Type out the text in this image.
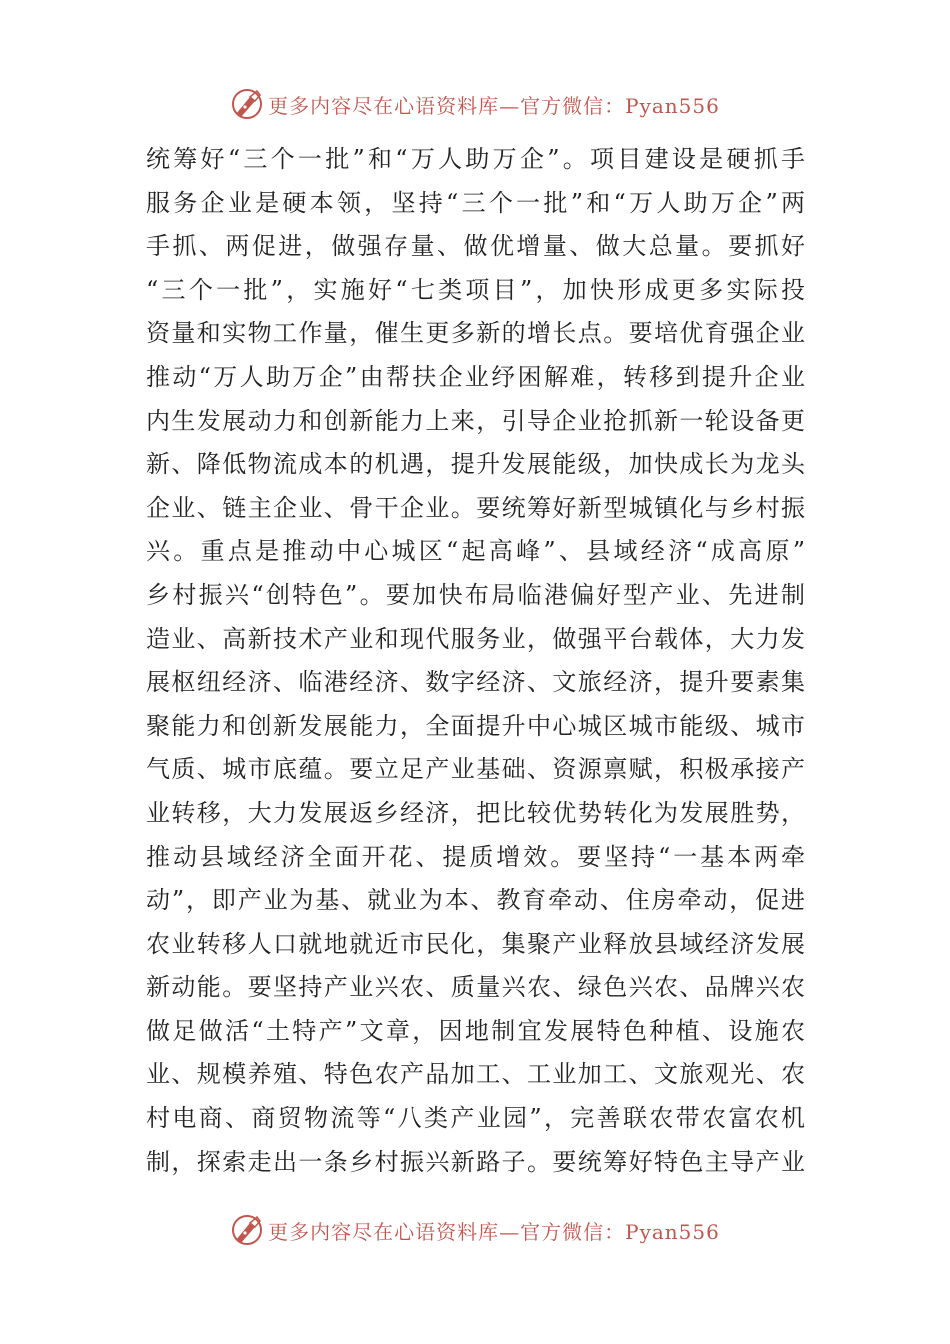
更多内容尽在心语资料库—官方微信：Pyan556
统筹好“三个一批”和“万人助万企”。项目建设是硬抓手
服务企业是硬本领，坚持“三个一批”和“万人助万企”两
手抓、两促进，做强存量、做优增量、做大总量。要抓好
“三个一批”，实施好“七类项目”，加快形成更多实际投
资量和实物工作量，催生更多新的增长点。要培优育强企业
推动“万人助万企”由帮扶企业纾困解难，转移到提升企业
内生发展动力和创新能力上来，引导企业抢抓新一轮设备更
新、降低物流成本的机遇，提升发展能级，加快成长为龙头
企业、链主企业、骨干企业。要统筹好新型城镇化与乡村振
兴。重点是推动中心城区“起高峰”、县域经济“成高原”
乡村振兴“创特色”。要加快布局临港偏好型产业、先进制
造业、高新技术产业和现代服务业，做强平台载体，大力发
展枢纽经济、临港经济、数字经济、文旅经济，提升要素集
聚能力和创新发展能力，全面提升中心城区城市能级、城市
气质、城市底蕴。要立足产业基础、资源禀赋，积极承接产
业转移，大力发展返乡经济，把比较优势转化为发展胜势，
推动县域经济全面开花、提质增效。要坚持“一基本两牵
动”，即产业为基、就业为本、教育牵动、住房牵动，促进
农业转移人口就地就近市民化，集聚产业释放县域经济发展
新动能。要坚持产业兴农、质量兴农、绿色兴农、品牌兴农
做足做活“土特产”文章，因地制宜发展特色种植、设施农
业、规模养殖、特色农产品加工、工业加工、文旅观光、农
村电商、商贸物流等“八类产业园”，完善联农带农富农机
制，探索走出一条乡村振兴新路子。要统筹好特色主导产业
更多内容尽在心语资料库—官方微信：Pyan556
